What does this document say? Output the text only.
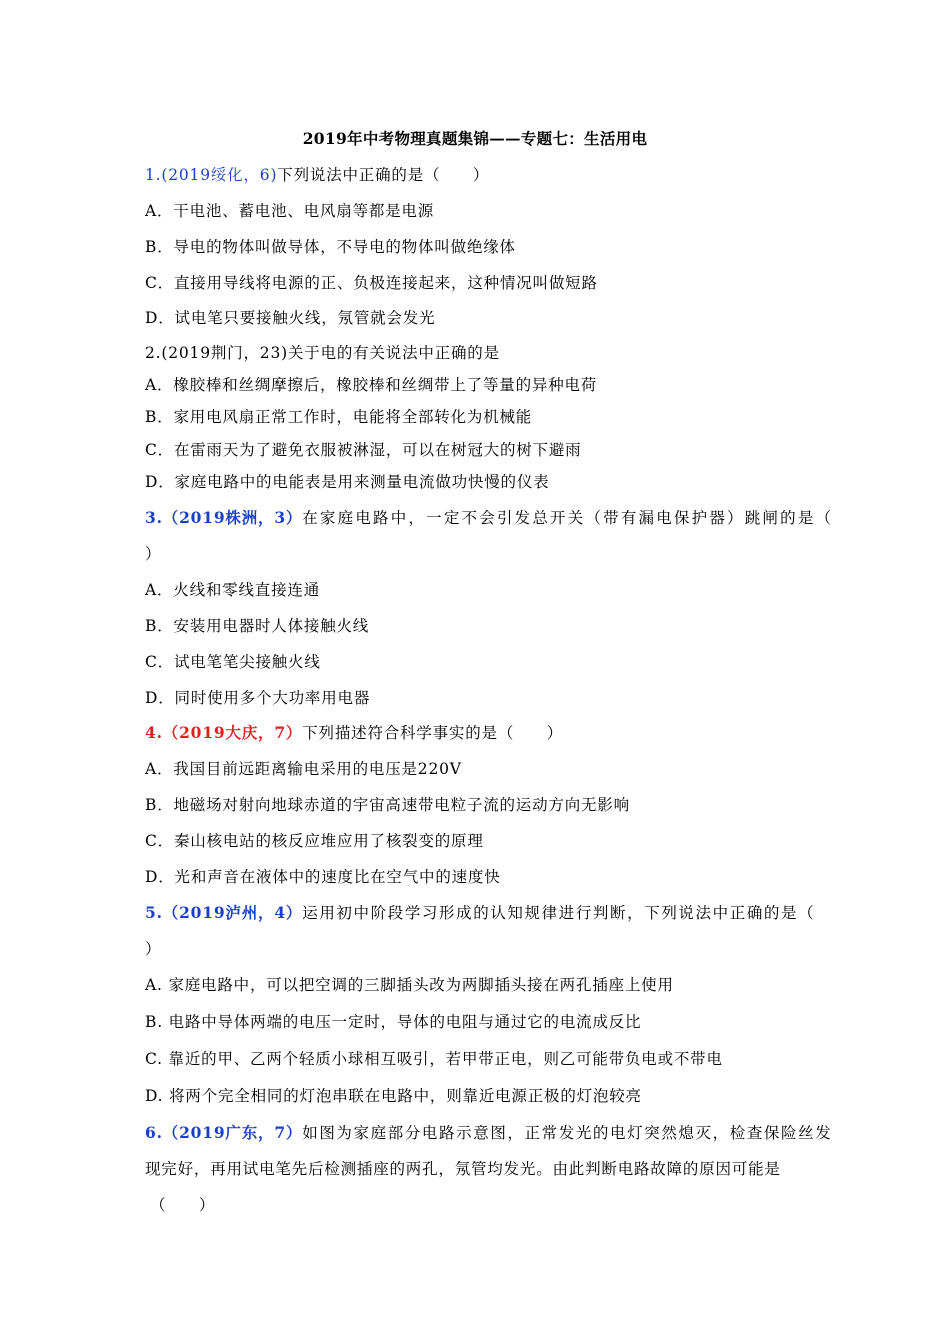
2019年中考物理真题集锦——专题七：生活用电
1.(2019绥化，6)下列说法中正确的是（　　）
A．干电池、蓄电池、电风扇等都是电源
B．导电的物体叫做导体，不导电的物体叫做绝缘体
C．直接用导线将电源的正、负极连接起来，这种情况叫做短路
D．试电笔只要接触火线，氖管就会发光
2.(2019荆门，23)关于电的有关说法中正确的是
A．橡胶棒和丝绸摩擦后，橡胶棒和丝绸带上了等量的异种电荷
B．家用电风扇正常工作时，电能将全部转化为机械能
C．在雷雨天为了避免衣服被淋湿，可以在树冠大的树下避雨
D．家庭电路中的电能表是用来测量电流做功快慢的仪表
3.（2019株洲，3）在家庭电路中，一定不会引发总开关（带有漏电保护器）跳闸的是（
）
A．火线和零线直接连通
B．安装用电器时人体接触火线
C．试电笔笔尖接触火线
D．同时使用多个大功率用电器
4.（2019大庆，7）下列描述符合科学事实的是（　　）
A．我国目前远距离输电采用的电压是220V
B．地磁场对射向地球赤道的宇宙高速带电粒子流的运动方向无影响
C．秦山核电站的核反应堆应用了核裂变的原理
D．光和声音在液体中的速度比在空气中的速度快
5.（2019泸州，4）运用初中阶段学习形成的认知规律进行判断，下列说法中正确的是（
）
A. 家庭电路中，可以把空调的三脚插头改为两脚插头接在两孔插座上使用
B. 电路中导体两端的电压一定时，导体的电阻与通过它的电流成反比
C. 靠近的甲、乙两个轻质小球相互吸引，若甲带正电，则乙可能带负电或不带电
D. 将两个完全相同的灯泡串联在电路中，则靠近电源正极的灯泡较亮
6.（2019广东，7）如图为家庭部分电路示意图，正常发光的电灯突然熄灭，检查保险丝发
现完好，再用试电笔先后检测插座的两孔，氖管均发光。由此判断电路故障的原因可能是
（　　）
